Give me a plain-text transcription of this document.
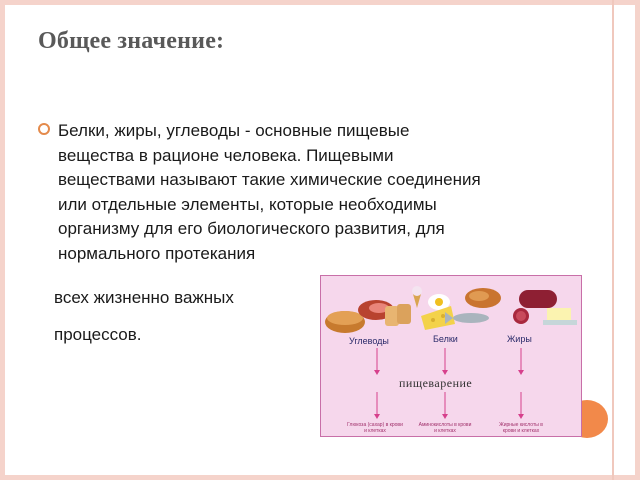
Общее значение:
Белки, жиры, углеводы - основные пищевые
вещества в рационе человека. Пищевыми
веществами называют такие химические соединения
или отдельные элементы, которые необходимы
организму для его биологического развития, для
нормального протекания
всех жизненно важных
процессов.	Углеводы	Белки	Жиры
пищеварение
Глюкоза (сахар) в крови и клетках
Аминокислоты в крови и клетках
Жирные кислоты в крови и клетках
